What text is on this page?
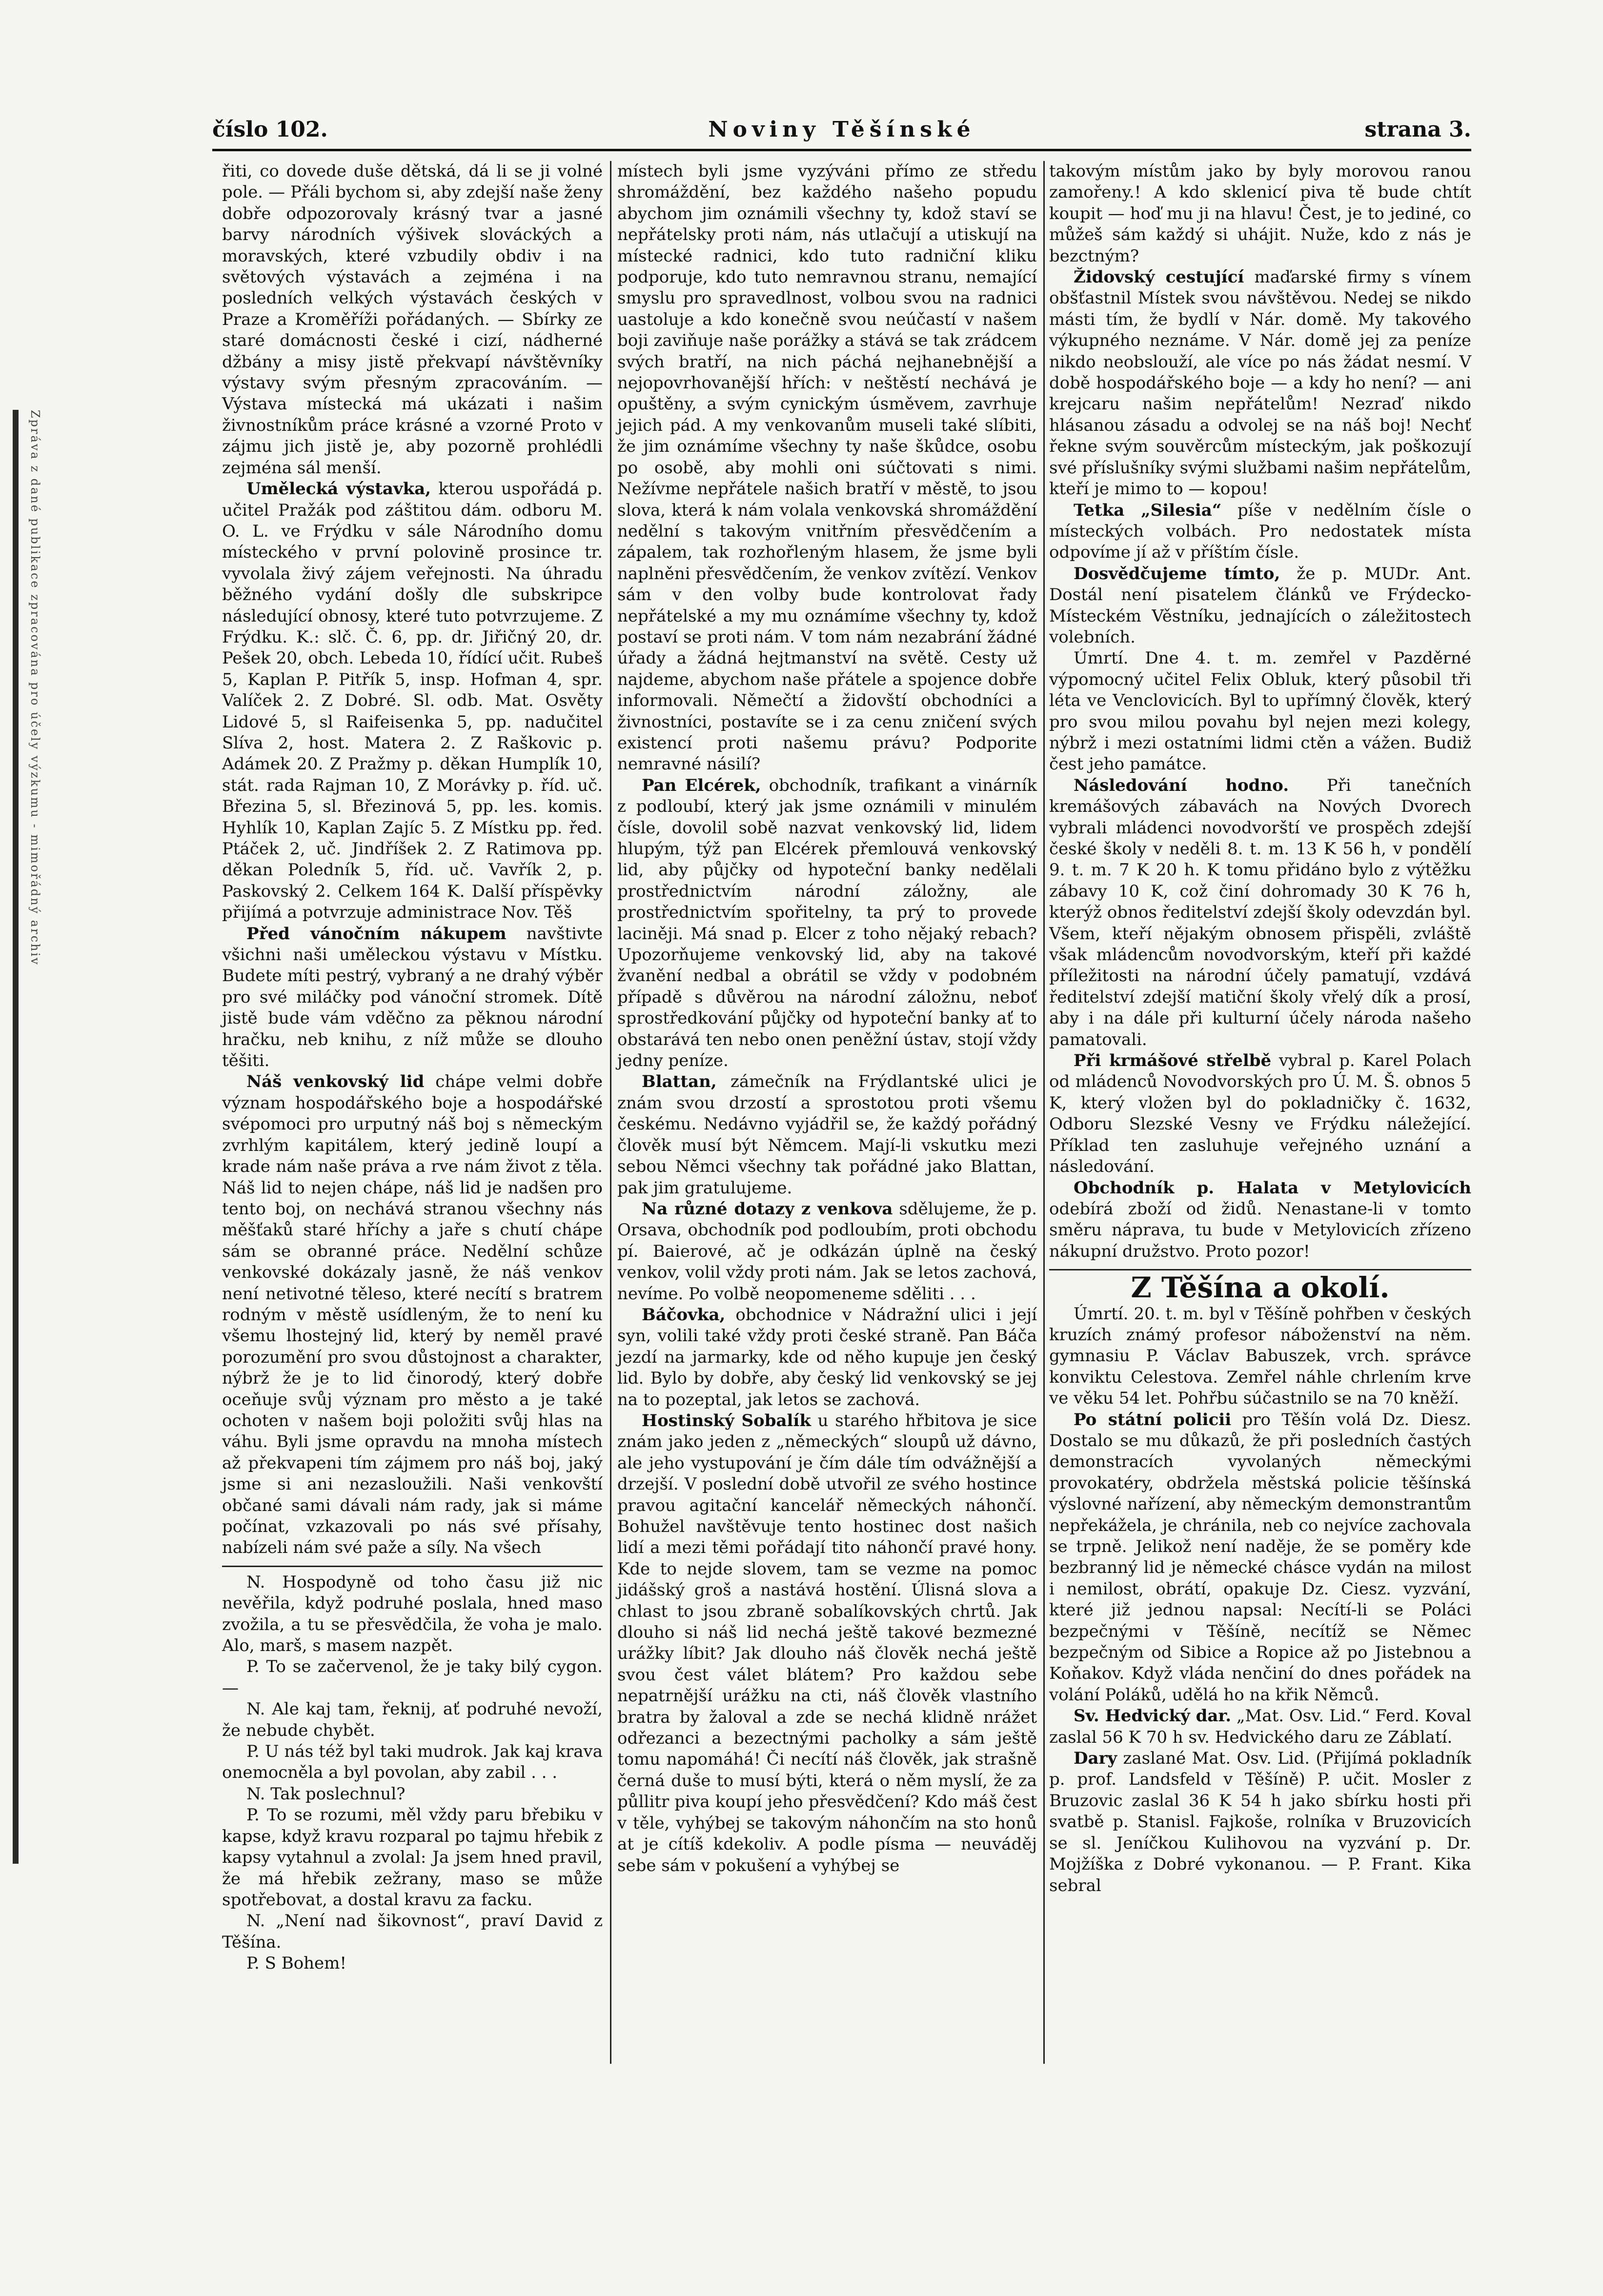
Zpráva z dané publikace zpracována pro účely výzkumu - mimořádný archiv
číslo 102.	Noviny Těšínské	strana 3.

řiti, co dovede duše dětská, dá li se ji volné pole. — Přáli bychom si, aby zdejší naše ženy dobře odpozorovaly krásný tvar a jasné barvy národních výšivek slováckých a moravských, které vzbudily obdiv i na světových výstavách a zejména i na posledních velkých výstavách českých v Praze a Kroměříži pořádaných. — Sbírky ze staré domácnosti české i cizí, nádherné džbány a misy jistě překvapí návštěvníky výstavy svým přesným zpracováním. — Výstava místecká má ukázati i našim živnostníkům práce krásné a vzorné Proto v zájmu jich jistě je, aby pozorně prohlédli zejména sál menší.

Umělecká výstavka, kterou uspořádá p. učitel Pražák pod záštitou dám. odboru M. O. L. ve Frýdku v sále Národního domu místeckého v první polovině prosince tr. vyvolala živý zájem veřejnosti. Na úhradu běžného vydání došly dle subskripce následující obnosy, které tuto potvrzujeme. Z Frýdku. K.: slč. Č. 6, pp. dr. Jiřičný 20, dr. Pešek 20, obch. Lebeda 10, řídící učit. Rubeš 5, Kaplan P. Pitřík 5, insp. Hofman 4, spr. Valíček 2. Z Dobré. Sl. odb. Mat. Osvěty Lidové 5, sl Raifeisenka 5, pp. nadučitel Slíva 2, host. Matera 2. Z Raškovic p. Adámek 20. Z Pražmy p. děkan Humplík 10, stát. rada Rajman 10, Z Morávky p. říd. uč. Březina 5, sl. Březinová 5, pp. les. komis. Hyhlík 10, Kaplan Zajíc 5. Z Místku pp. řed. Ptáček 2, uč. Jindříšek 2. Z Ratimova pp. děkan Poledník 5, říd. uč. Vavřík 2, p. Paskovský 2. Celkem 164 K. Další příspěvky přijímá a potvrzuje administrace Nov. Těš

Před vánočním nákupem navštivte všichni naši uměleckou výstavu v Místku. Budete míti pestrý, vybraný a ne drahý výběr pro své miláčky pod vánoční stromek. Dítě jistě bude vám vděčno za pěknou národní hračku, neb knihu, z níž může se dlouho těšiti.

Náš venkovský lid chápe velmi dobře význam hospodářského boje a hospodářské svépomoci pro urputný náš boj s německým zvrhlým kapitálem, který jedině loupí a krade nám naše práva a rve nám život z těla. Náš lid to nejen chápe, náš lid je nadšen pro tento boj, on nechává stranou všechny nás měšťaků staré hříchy a jaře s chutí chápe sám se obranné práce. Nedělní schůze venkovské dokázaly jasně, že náš venkov není netivotné těleso, které necítí s bratrem rodným v městě usídleným, že to není ku všemu lhostejný lid, který by neměl pravé porozumění pro svou důstojnost a charakter, nýbrž že je to lid činorodý, který dobře oceňuje svůj význam pro město a je také ochoten v našem boji položiti svůj hlas na váhu. Byli jsme opravdu na mnoha místech až překvapeni tím zájmem pro náš boj, jaký jsme si ani nezasloužili. Naši venkovští občané sami dávali nám rady, jak si máme počínat, vzkazovali po nás své přísahy, nabízeli nám své paže a síly. Na všech

N. Hospodyně od toho času již nic nevěřila, když podruhé poslala, hned maso zvožila, a tu se přesvědčila, že voha je malo. Alo, marš, s masem nazpět.

P. To se začervenol, že je taky bilý cygon. —

N. Ale kaj tam, řeknij, ať podruhé nevoží, že nebude chybět.

P. U nás též byl taki mudrok. Jak kaj krava onemocněla a byl povolan, aby zabil . . .

N. Tak poslechnul?

P. To se rozumi, měl vždy paru břebiku v kapse, když kravu rozparal po tajmu hřebik z kapsy vytahnul a zvolal: Ja jsem hned pravil, že má hřebik zežrany, maso se může spotřebovat, a dostal kravu za facku.

N. „Není nad šikovnost“, praví David z Těšína.

P. S Bohem!

místech byli jsme vyzýváni přímo ze středu shromáždění, bez každého našeho popudu abychom jim oznámili všechny ty, kdož staví se nepřátelsky proti nám, nás utlačují a utiskují na místecké radnici, kdo tuto radniční kliku podporuje, kdo tuto nemravnou stranu, nemající smyslu pro spravedlnost, volbou svou na radnici uastoluje a kdo konečně svou neúčastí v našem boji zaviňuje naše porážky a stává se tak zrádcem svých bratří, na nich páchá nejhanebnější a nejopovrhovanější hřích: v neštěstí nechává je opuštěny, a svým cynickým úsměvem, zavrhuje jejich pád. A my venkovanům museli také slíbiti, že jim oznámíme všechny ty naše škůdce, osobu po osobě, aby mohli oni súčtovati s nimi. Nežívme nepřátele našich bratří v městě, to jsou slova, která k nám volala venkovská shromáždění nedělní s takovým vnitřním přesvědčením a zápalem, tak rozhořleným hlasem, že jsme byli naplněni přesvědčením, že venkov zvítězí. Venkov sám v den volby bude kontrolovat řady nepřátelské a my mu oznámíme všechny ty, kdož postaví se proti nám. V tom nám nezabrání žádné úřady a žádná hejtmanství na světě. Cesty už najdeme, abychom naše přátele a spojence dobře informovali. Němečtí a židovští obchodníci a živnostníci, postavíte se i za cenu zničení svých existencí proti našemu právu? Podporite nemravné násilí?

Pan Elcérek, obchodník, trafikant a vinárník z podloubí, který jak jsme oznámili v minulém čísle, dovolil sobě nazvat venkovský lid, lidem hlupým, týž pan Elcérek přemlouvá venkovský lid, aby půjčky od hypoteční banky nedělali prostřednictvím národní záložny, ale prostřednictvím spořitelny, ta prý to provede laciněji. Má snad p. Elcer z toho nějaký rebach? Upozorňujeme venkovský lid, aby na takové žvanění nedbal a obrátil se vždy v podobném případě s důvěrou na národní záložnu, neboť sprostředkování půjčky od hypoteční banky ať to obstarává ten nebo onen peněžní ústav, stojí vždy jedny peníze.

Blattan, zámečník na Frýdlantské ulici je znám svou drzostí a sprostotou proti všemu českému. Nedávno vyjádřil se, že každý pořádný člověk musí být Němcem. Mají-li vskutku mezi sebou Němci všechny tak pořádné jako Blattan, pak jim gratulujeme.

Na různé dotazy z venkova sdělujeme, že p. Orsava, obchodník pod podloubím, proti obchodu pí. Baierové, ač je odkázán úplně na český venkov, volil vždy proti nám. Jak se letos zachová, nevíme. Po volbě neopomeneme sděliti . . .

Báčovka, obchodnice v Nádražní ulici i její syn, volili také vždy proti české straně. Pan Báča jezdí na jarmarky, kde od něho kupuje jen český lid. Bylo by dobře, aby český lid venkovský se jej na to pozeptal, jak letos se zachová.

Hostinský Sobalík u starého hřbitova je sice znám jako jeden z „německých“ sloupů už dávno, ale jeho vystupování je čím dále tím odvážnější a drzejší. V poslední době utvořil ze svého hostince pravou agitační kancelář německých náhončí. Bohužel navštěvuje tento hostinec dost našich lidí a mezi těmi pořádají tito náhončí pravé hony. Kde to nejde slovem, tam se vezme na pomoc jidášský groš a nastává hostění. Úlisná slova a chlast to jsou zbraně sobalíkovských chrtů. Jak dlouho si náš lid nechá ještě takové bezmezné urážky líbit? Jak dlouho náš člověk nechá ještě svou čest válet blátem? Pro každou sebe nepatrnější urážku na cti, náš člověk vlastního bratra by žaloval a zde se nechá klidně nrážet odřezanci a bezectnými pacholky a sám ještě tomu napomáhá! Či necítí náš člověk, jak strašně černá duše to musí býti, která o něm myslí, že za půllitr piva koupí jeho přesvědčení? Kdo máš čest v těle, vyhýbej se takovým náhončím na sto honů at je cítíš kdekoliv. A podle písma — neuváděj sebe sám v pokušení a vyhýbej se

takovým místům jako by byly morovou ranou zamořeny.! A kdo sklenicí piva tě bude chtít koupit — hoď mu ji na hlavu! Čest, je to jediné, co můžeš sám každý si uhájit. Nuže, kdo z nás je bezctným?

Židovský cestující maďarské firmy s vínem obšťastnil Místek svou návštěvou. Nedej se nikdo másti tím, že bydlí v Nár. domě. My takového výkupného neznáme. V Nár. domě jej za peníze nikdo neobslouží, ale více po nás žádat nesmí. V době hospodářského boje — a kdy ho není? — ani krejcaru našim nepřátelům! Nezraď nikdo hlásanou zásadu a odvolej se na náš boj! Nechť řekne svým souvěrcům místeckým, jak poškozují své příslušníky svými službami našim nepřátelům, kteří je mimo to — kopou!

Tetka „Silesia“ píše v nedělním čísle o místeckých volbách. Pro nedostatek místa odpovíme jí až v příštím čísle.

Dosvědčujeme tímto, že p. MUDr. Ant. Dostál není pisatelem článků ve Frýdecko-Místeckém Věstníku, jednajících o záležitostech volebních.

Úmrtí. Dne 4. t. m. zemřel v Pazděrné výpomocný učitel Felix Obluk, který působil tři léta ve Venclovicích. Byl to upřímný člověk, který pro svou milou povahu byl nejen mezi kolegy, nýbrž i mezi ostatními lidmi ctěn a vážen. Budiž čest jeho památce.

Následování hodno. Při tanečních kremášových zábavách na Nových Dvorech vybrali mládenci novodvorští ve prospěch zdejší české školy v neděli 8. t. m. 13 K 56 h, v pondělí 9. t. m. 7 K 20 h. K tomu přidáno bylo z výtěžku zábavy 10 K, což činí dohromady 30 K 76 h, kterýž obnos ředitelství zdejší školy odevzdán byl. Všem, kteří nějakým obnosem přispěli, zvláště však mládencům novodvorským, kteří při každé příležitosti na národní účely pamatují, vzdává ředitelství zdejší matiční školy vřelý dík a prosí, aby i na dále při kulturní účely národa našeho pamatovali.

Při krmášové střelbě vybral p. Karel Polach od mládenců Novodvorských pro Ú. M. Š. obnos 5 K, který vložen byl do pokladničky č. 1632, Odboru Slezské Vesny ve Frýdku náležející. Příklad ten zasluhuje veřejného uznání a následování.

Obchodník p. Halata v Metylovicích odebírá zboží od židů. Nenastane-li v tomto směru náprava, tu bude v Metylovicích zřízeno nákupní družstvo. Proto pozor!

Z Těšína a okolí.

Úmrtí. 20. t. m. byl v Těšíně pohřben v českých kruzích známý profesor náboženství na něm. gymnasiu P. Václav Babuszek, vrch. správce konviktu Celestova. Zemřel náhle chrlením krve ve věku 54 let. Pohřbu súčastnilo se na 70 kněží.

Po státní policii pro Těšín volá Dz. Diesz. Dostalo se mu důkazů, že při posledních častých demonstracích vyvolaných německými provokatéry, obdržela městská policie těšínská výslovné nařízení, aby německým demonstrantům nepřekážela, je chránila, neb co nejvíce zachovala se trpně. Jelikož není naděje, že se poměry kde bezbranný lid je německé chásce vydán na milost i nemilost, obrátí, opakuje Dz. Ciesz. vyzvání, které již jednou napsal: Necítí-li se Poláci bezpečnými v Těšíně, necítíž se Němec bezpečným od Sibice a Ropice až po Jistebnou a Koňakov. Když vláda nenčiní do dnes pořádek na volání Poláků, udělá ho na křik Němců.

Sv. Hedvický dar. „Mat. Osv. Lid.“ Ferd. Koval zaslal 56 K 70 h sv. Hedvického daru ze Záblatí.

Dary zaslané Mat. Osv. Lid. (Přijímá pokladník p. prof. Landsfeld v Těšíně) P. učit. Mosler z Bruzovic zaslal 36 K 54 h jako sbírku hosti při svatbě p. Stanisl. Fajkoše, rolníka v Bruzovicích se sl. Jeníčkou Kulihovou na vyzvání p. Dr. Mojžíška z Dobré vykonanou. — P. Frant. Kika sebral
